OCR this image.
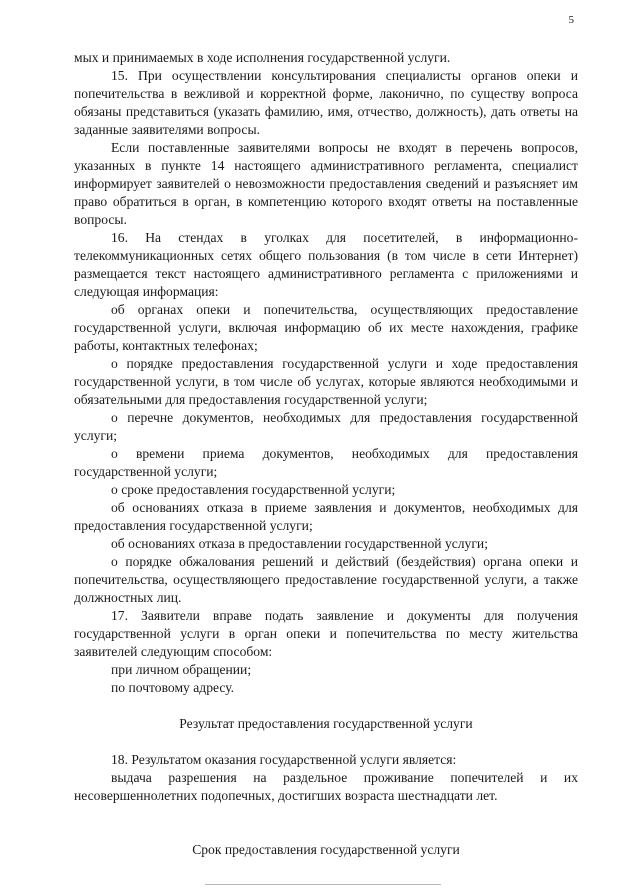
5

мых и принимаемых в ходе исполнения государственной услуги.

15. При осуществлении консультирования специалисты органов опеки и попечительства в вежливой и корректной форме, лаконично, по существу вопроса обязаны представиться (указать фамилию, имя, отчество, должность), дать ответы на заданные заявителями вопросы.

Если поставленные заявителями вопросы не входят в перечень вопросов, указанных в пункте 14 настоящего административного регламента, специалист информирует заявителей о невозможности предоставления сведений и разъясняет им право обратиться в орган, в компетенцию которого входят ответы на поставленные вопросы.

16. На стендах в уголках для посетителей, в информационно-телекоммуникационных сетях общего пользования (в том числе в сети Интернет) размещается текст настоящего административного регламента с приложениями и следующая информация:

об органах опеки и попечительства, осуществляющих предоставление государственной услуги, включая информацию об их месте нахождения, графике работы, контактных телефонах;

о порядке предоставления государственной услуги и ходе предоставления государственной услуги, в том числе об услугах, которые являются необходимыми и обязательными для предоставления государственной услуги;

о перечне документов, необходимых для предоставления государственной услуги;

о времени приема документов, необходимых для предоставления государственной услуги;

о сроке предоставления государственной услуги;

об основаниях отказа в приеме заявления и документов, необходимых для предоставления государственной услуги;

об основаниях отказа в предоставлении государственной услуги;

о порядке обжалования решений и действий (бездействия) органа опеки и попечительства, осуществляющего предоставление государственной услуги, а также должностных лиц.

17. Заявители вправе подать заявление и документы для получения государственной услуги в орган опеки и попечительства по месту жительства заявителей следующим способом:

при личном обращении;

по почтовому адресу.

Результат предоставления государственной услуги

18. Результатом оказания государственной услуги является:

выдача разрешения на раздельное проживание попечителей и их несовершеннолетних подопечных, достигших возраста шестнадцати лет.

Срок предоставления государственной услуги
